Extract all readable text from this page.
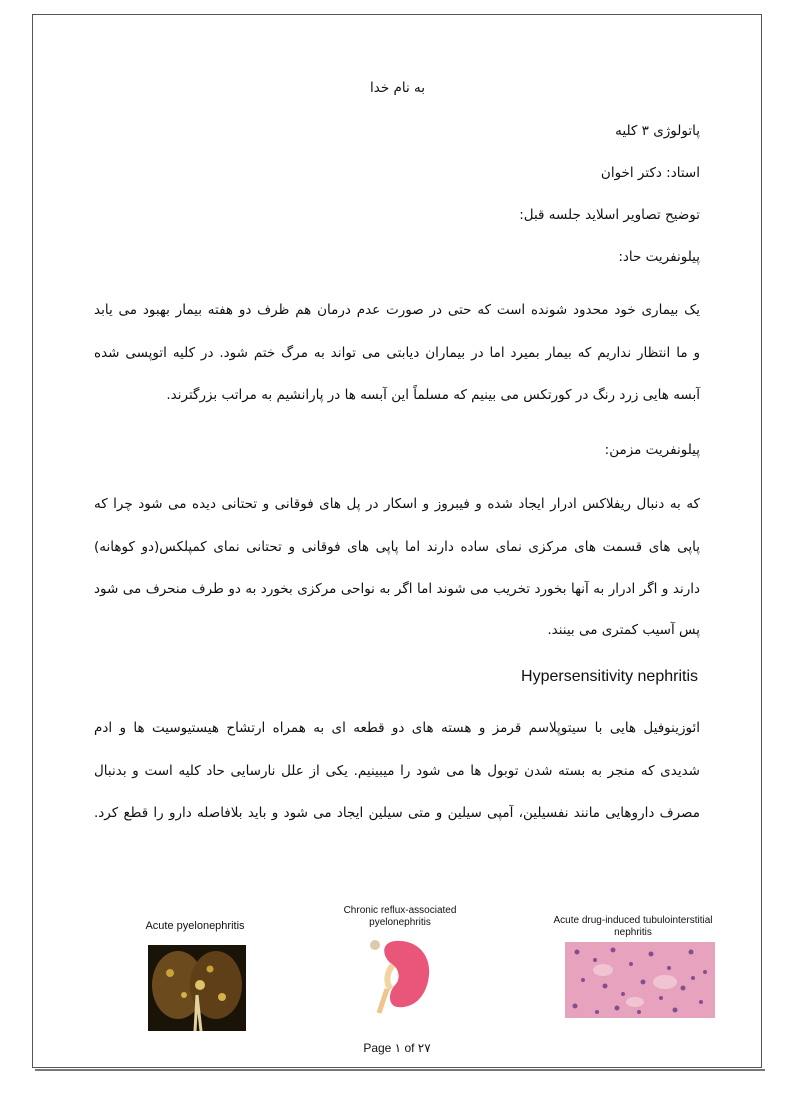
به نام خدا
پاتولوژی ۳ کلیه
استاد: دکتر اخوان
توضیح تصاویر اسلاید جلسه قبل:
پیلونفریت حاد:
یک بیماری خود محدود شونده است که حتی در صورت عدم درمان هم ظرف دو هفته بیمار بهبود می یابد
و ما انتظار نداریم که بیمار بمیرد اما در بیماران دیابتی می تواند به مرگ ختم شود. در کلیه اتوپسی شده
آبسه هایی زرد رنگ در کورتکس می بینیم که مسلماً این آبسه ها در پارانشیم به مراتب بزرگترند.
پیلونفریت مزمن:
که به دنبال ریفلاکس ادرار ایجاد شده و فیبروز و اسکار در پل های فوقانی و تحتانی دیده می شود چرا که
پاپی های قسمت های مرکزی نمای ساده دارند اما پاپی های فوقانی و تحتانی نمای کمپلکس(دو کوهانه)
دارند و اگر ادرار به آنها بخورد تخریب می شوند اما اگر به نواحی مرکزی بخورد به دو طرف منحرف می شود
پس آسیب کمتری می بینند.
Hypersensitivity nephritis
ائوزینوفیل هایی با سیتوپلاسم قرمز و هسته های دو قطعه ای به همراه ارتشاح هیستیوسیت ها و ادم
شدیدی که منجر به بسته شدن توبول ها می شود را میبینیم. یکی از علل نارسایی حاد کلیه است و بدنبال
مصرف داروهایی مانند نفسیلین، آمپی سیلین و متی سیلین ایجاد می شود و باید بلافاصله دارو را قطع کرد.
Acute pyelonephritis
Chronic reflux-associated pyelonephritis	Acute drug-induced tubulointerstitial nephritis
Page ۱ of ۲۷
